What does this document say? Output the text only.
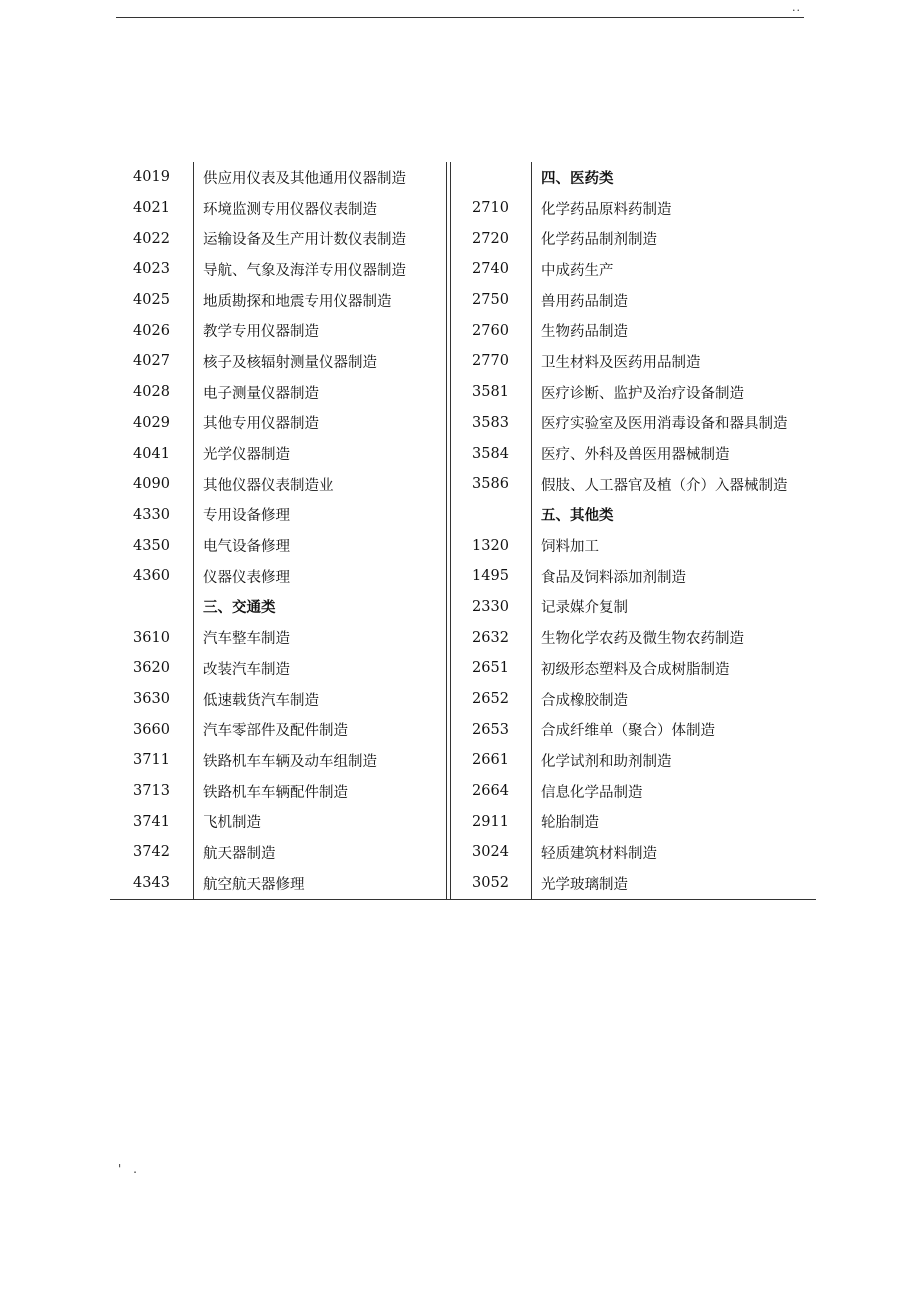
..
4019	供应用仪表及其他通用仪器制造
4021	环境监测专用仪器仪表制造
4022	运输设备及生产用计数仪表制造
4023	导航、气象及海洋专用仪器制造
4025	地质勘探和地震专用仪器制造
4026	教学专用仪器制造
4027	核子及核辐射测量仪器制造
4028	电子测量仪器制造
4029	其他专用仪器制造
4041	光学仪器制造
4090	其他仪器仪表制造业
4330	专用设备修理
4350	电气设备修理
4360	仪器仪表修理
三、交通类
3610	汽车整车制造
3620	改装汽车制造
3630	低速载货汽车制造
3660	汽车零部件及配件制造
3711	铁路机车车辆及动车组制造
3713	铁路机车车辆配件制造
3741	飞机制造
3742	航天器制造
4343	航空航天器修理
四、医药类
2710	化学药品原料药制造
2720	化学药品制剂制造
2740	中成药生产
2750	兽用药品制造
2760	生物药品制造
2770	卫生材料及医药用品制造
3581	医疗诊断、监护及治疗设备制造
3583	医疗实验室及医用消毒设备和器具制造
3584	医疗、外科及兽医用器械制造
3586	假肢、人工器官及植（介）入器械制造
五、其他类
1320	饲料加工
1495	食品及饲料添加剂制造
2330	记录媒介复制
2632	生物化学农药及微生物农药制造
2651	初级形态塑料及合成树脂制造
2652	合成橡胶制造
2653	合成纤维单（聚合）体制造
2661	化学试剂和助剂制造
2664	信息化学品制造
2911	轮胎制造
3024	轻质建筑材料制造
3052	光学玻璃制造
' .
